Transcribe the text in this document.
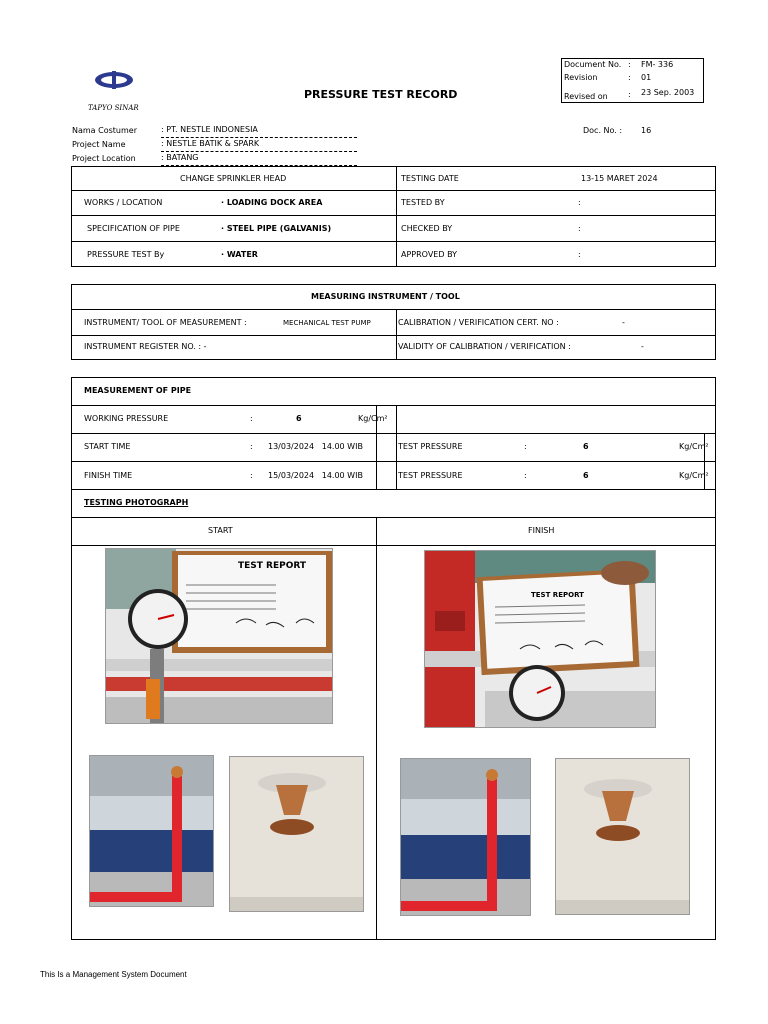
TAPYO SINAR
PRESSURE TEST RECORD
Document No. : FM- 336
Revision	: 01
Revised on	: 23 Sep. 2003
Nama Costumer	: PT. NESTLE INDONESIA
Project Name	: NESTLE BATIK & SPARK
Project Location	: BATANG
Doc. No. : 16
CHANGE SPRINKLER HEAD	TESTING DATE	13-15 MARET 2024
WORKS / LOCATION	· LOADING DOCK AREA	TESTED BY	:
SPECIFICATION OF PIPE	· STEEL PIPE (GALVANIS)	CHECKED BY	:
PRESSURE TEST By	· WATER	APPROVED BY	:
MEASURING INSTRUMENT / TOOL
INSTRUMENT/ TOOL OF MEASUREMENT :	MECHANICAL TEST PUMP	CALIBRATION / VERIFICATION CERT. NO :	-
INSTRUMENT REGISTER NO. : -	VALIDITY OF CALIBRATION / VERIFICATION :	-
MEASUREMENT OF PIPE
WORKING PRESSURE	:	6	Kg/Cm²
START TIME	: 13/03/2024   14.00 WIB	TEST PRESSURE	:	6	Kg/Cm²
FINISH TIME	: 15/03/2024   14.00 WIB	TEST PRESSURE	:	6	Kg/Cm²
TESTING PHOTOGRAPH
START	FINISH
TEST REPORT
TEST REPORT
This Is a Management System Document
